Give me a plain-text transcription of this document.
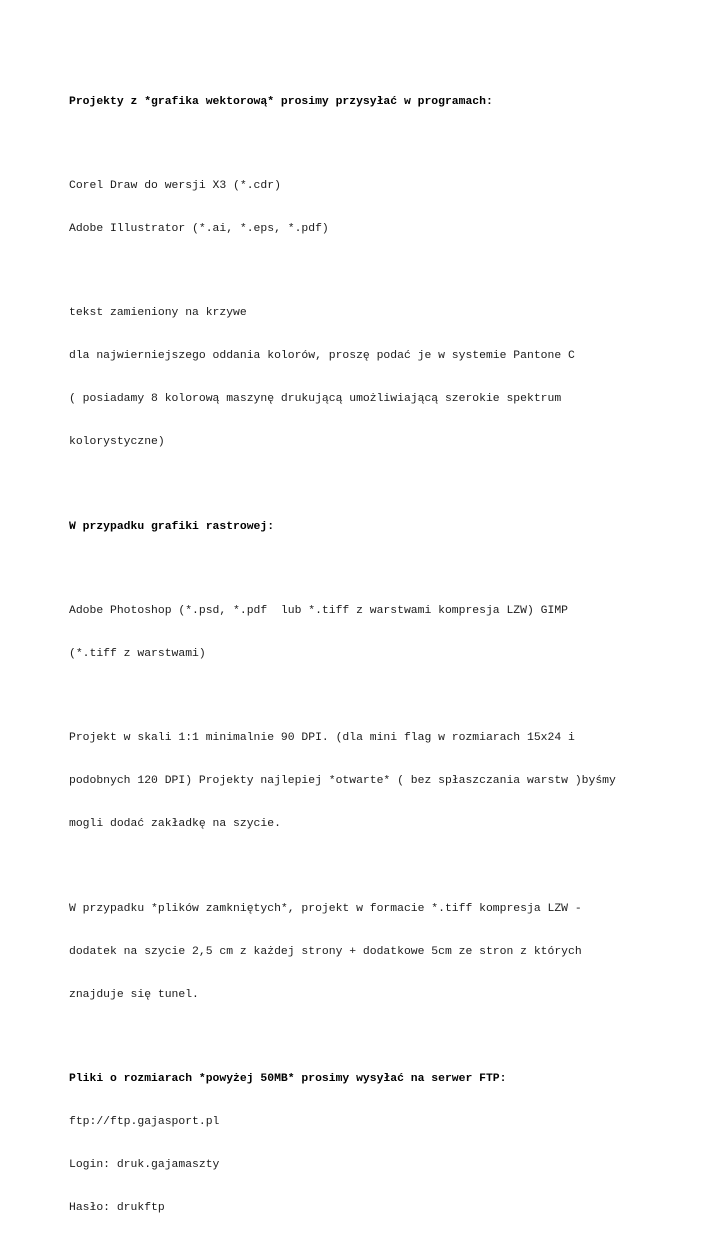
Projekty z *grafika wektorową* prosimy przysyłać w programach:

Corel Draw do wersji X3 (*.cdr)

Adobe Illustrator (*.ai, *.eps, *.pdf)

tekst zamieniony na krzywe

dla najwierniejszego oddania kolorów, proszę podać je w systemie Pantone C

( posiadamy 8 kolorową maszynę drukującą umożliwiającą szerokie spektrum

kolorystyczne)

W przypadku grafiki rastrowej:

Adobe Photoshop (*.psd, *.pdf  lub *.tiff z warstwami kompresja LZW) GIMP

(*.tiff z warstwami)

Projekt w skali 1:1 minimalnie 90 DPI. (dla mini flag w rozmiarach 15x24 i

podobnych 120 DPI) Projekty najlepiej *otwarte* ( bez spłaszczania warstw )byśmy

mogli dodać zakładkę na szycie.

W przypadku *plików zamkniętych*, projekt w formacie *.tiff kompresja LZW -

dodatek na szycie 2,5 cm z każdej strony + dodatkowe 5cm ze stron z których

znajduje się tunel.

Pliki o rozmiarach *powyżej 50MB* prosimy wysyłać na serwer FTP:

ftp://ftp.gajasport.pl

Login: druk.gajamaszty

Hasło: drukftp
